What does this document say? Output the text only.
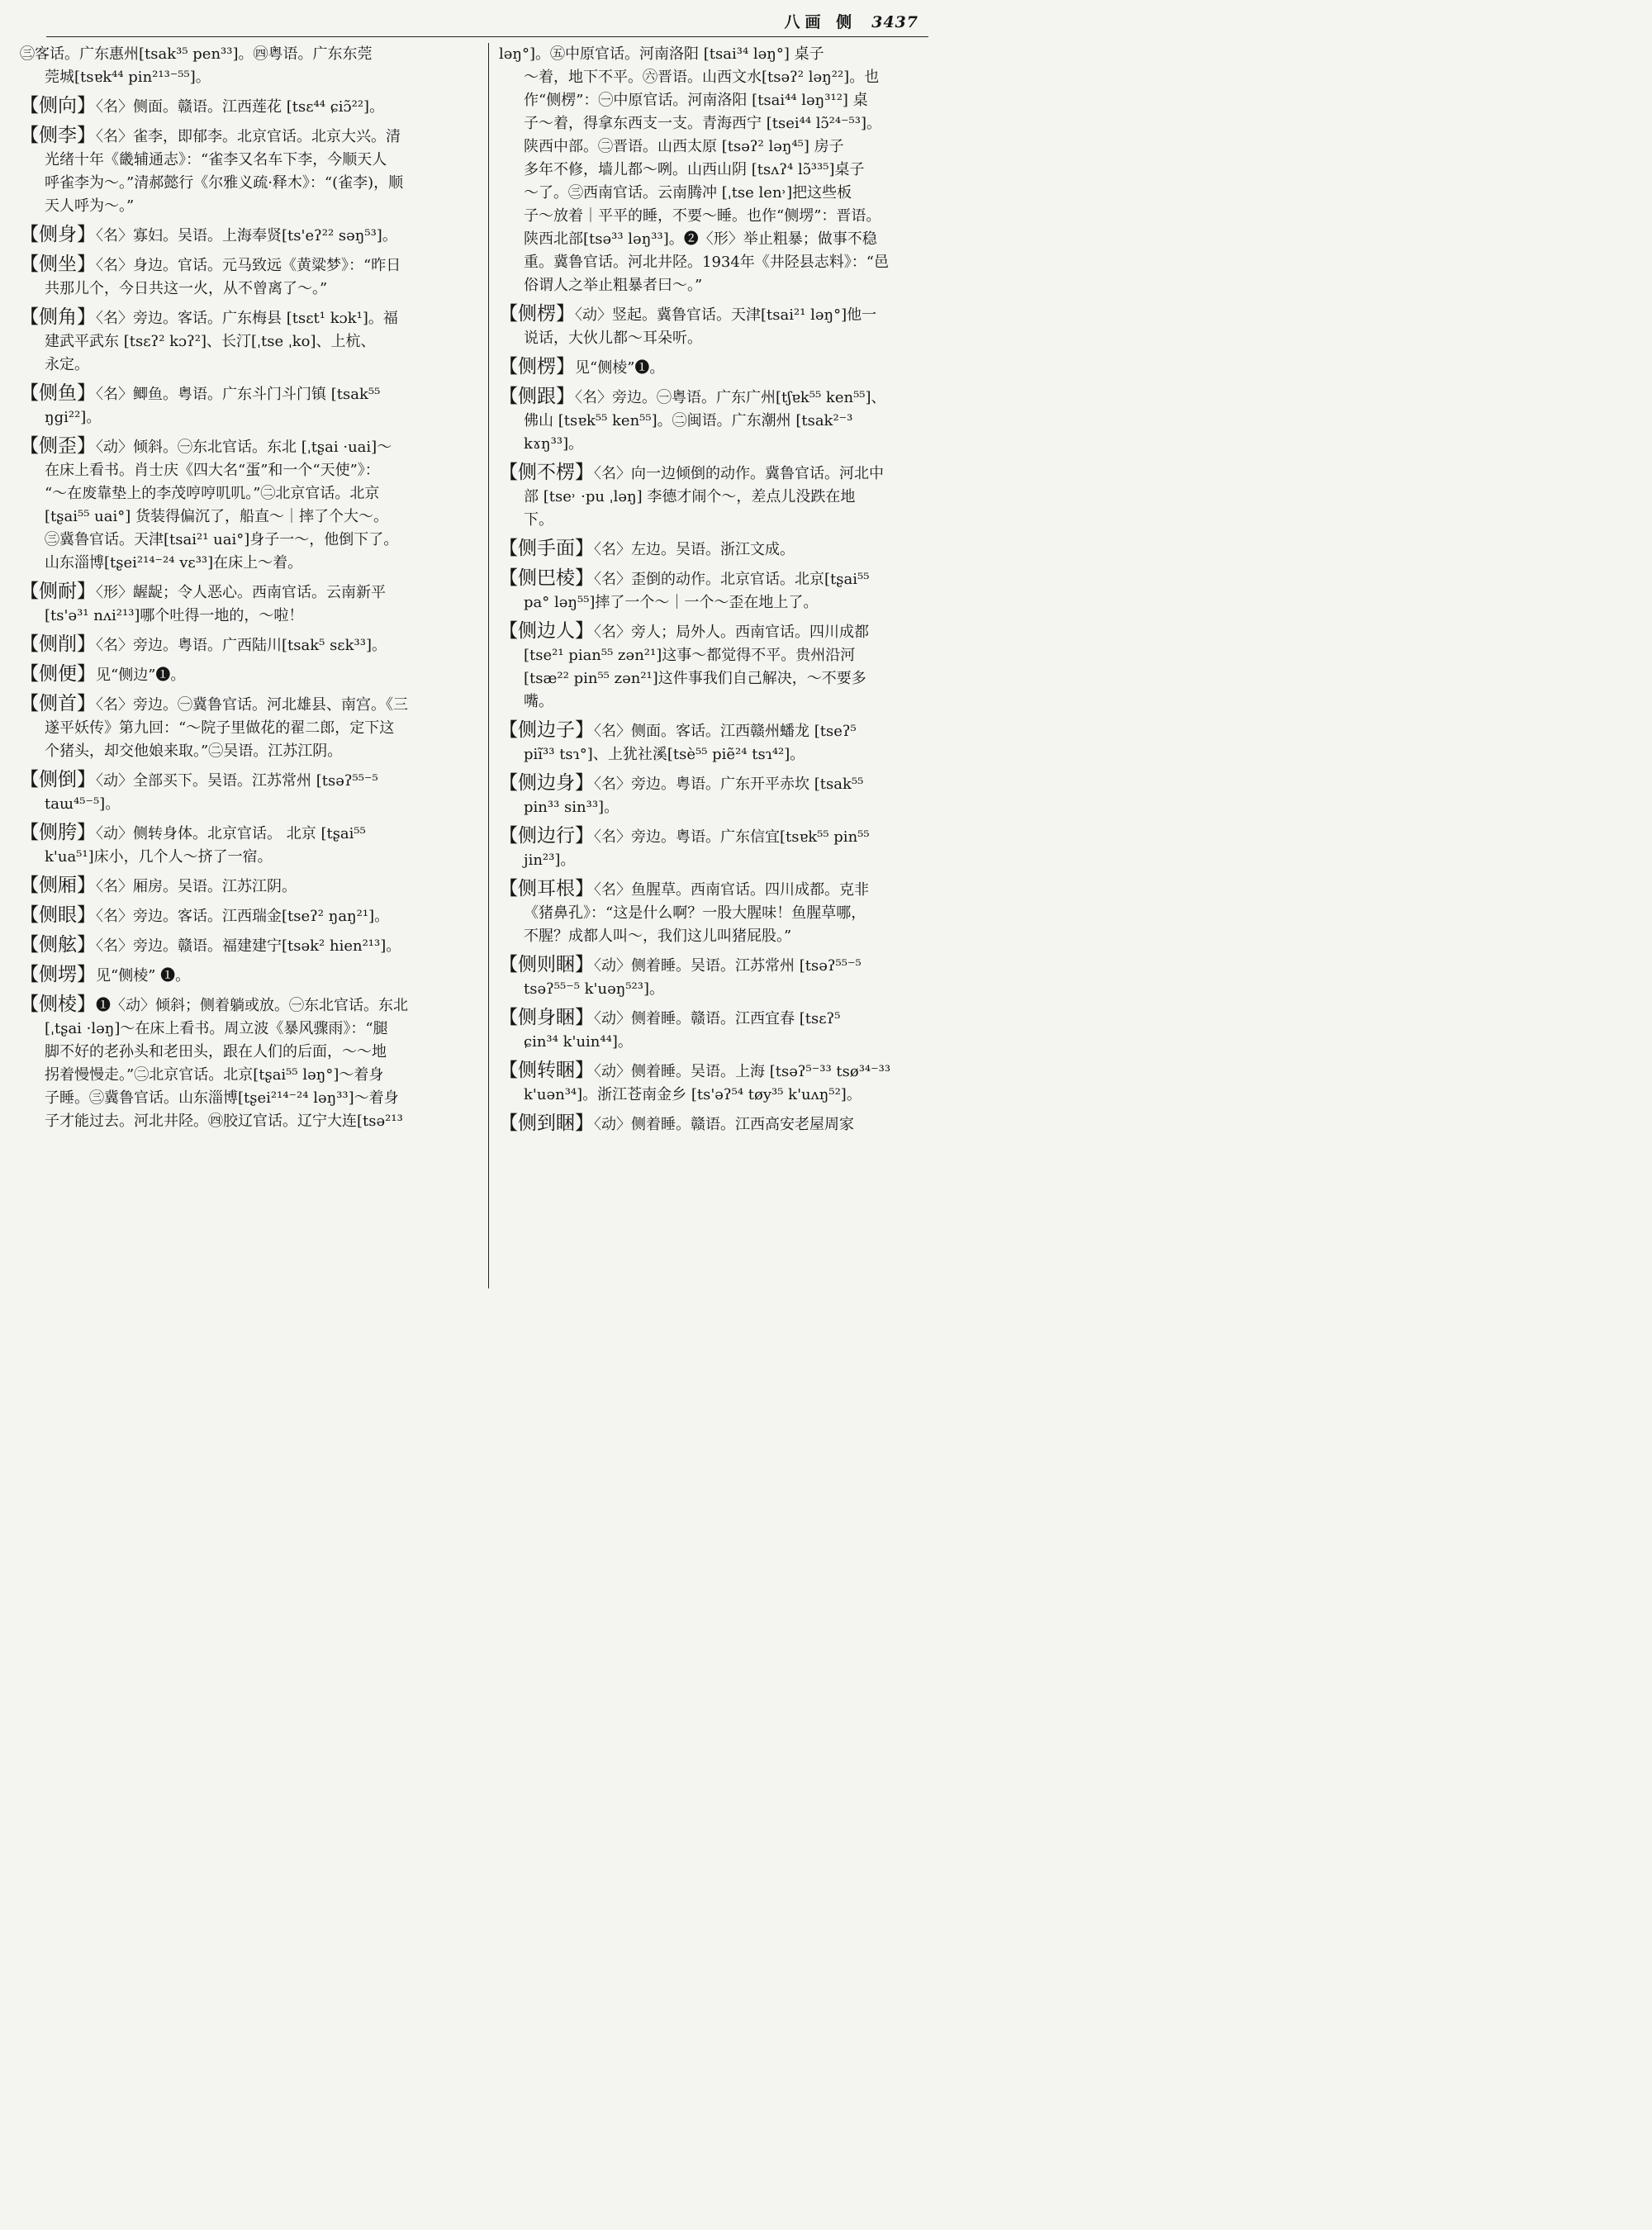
八画 侧 3437
㊂客话。广东惠州[tsak³⁵ pen³³]。㊃粤语。广东东莞
莞城[tsɐk⁴⁴ pin²¹³⁻⁵⁵]。
【侧向】〈名〉侧面。赣语。江西莲花 [tsɛ⁴⁴ ɕiɔ̃²²]。
【侧李】〈名〉雀李，即郁李。北京官话。北京大兴。清
光绪十年《畿辅通志》：“雀李又名车下李，今顺天人
呼雀李为～。”清郝懿行《尔雅义疏·释木》：“(雀李)，顺
天人呼为～。”
【侧身】〈名〉寡妇。吴语。上海奉贤[ts'eʔ²² səŋ⁵³]。
【侧坐】〈名〉身边。官话。元马致远《黄粱梦》：“昨日
共那儿个，今日共这一火，从不曾离了～。”
【侧角】〈名〉旁边。客话。广东梅县 [tsɛt¹ kɔk¹]。福
建武平武东 [tsɛʔ² kɔʔ²]、长汀[ˌtse ˌko]、上杭、
永定。
【侧鱼】〈名〉鲫鱼。粤语。广东斗门斗门镇 [tsak⁵⁵
ŋgi²²]。
【侧歪】〈动〉倾斜。㊀东北官话。东北 [ˌtʂai ·uai]～
在床上看书。肖士庆《四大名“蛋”和一个“天使”》：
“～在废靠垫上的李茂哼哼叽叽。”㊁北京官话。北京
[tʂai⁵⁵ uai°] 货装得偏沉了，船直～｜摔了个大～。
㊂冀鲁官话。天津[tsai²¹ uai°]身子一～，他倒下了。
山东淄博[tʂei²¹⁴⁻²⁴ vɛ³³]在床上～着。
【侧耐】〈形〉龌龊；令人恶心。西南官话。云南新平
[ts'ə³¹ nʌi²¹³]哪个吐得一地的，～啦！
【侧削】〈名〉旁边。粤语。广西陆川[tsak⁵ sɛk³³]。
【侧便】见“侧边”❶。
【侧首】〈名〉旁边。㊀冀鲁官话。河北雄县、南宫。《三
遂平妖传》第九回：“～院子里做花的翟二郎，定下这
个猪头，却交他娘来取。”㊁吴语。江苏江阴。
【侧倒】〈动〉全部买下。吴语。江苏常州 [tsəʔ⁵⁵⁻⁵
taɯ⁴⁵⁻⁵]。
【侧胯】〈动〉侧转身体。北京官话。 北京 [tʂai⁵⁵
k'ua⁵¹]床小，几个人～挤了一宿。
【侧厢】〈名〉厢房。吴语。江苏江阴。
【侧眼】〈名〉旁边。客话。江西瑞金[tseʔ² ŋaŋ²¹]。
【侧舷】〈名〉旁边。赣语。福建建宁[tsək² hien²¹³]。
【侧塄】见“侧棱” ❶。
【侧棱】❶〈动〉倾斜；侧着躺或放。㊀东北官话。东北
[ˌtʂai ·ləŋ]～在床上看书。周立波《暴风骤雨》：“腿
脚不好的老孙头和老田头，跟在人们的后面，～～地
拐着慢慢走。”㊁北京官话。北京[tʂai⁵⁵ ləŋ°]～着身
子睡。㊂冀鲁官话。山东淄博[tʂei²¹⁴⁻²⁴ ləŋ³³]～着身
子才能过去。河北井陉。㊃胶辽官话。辽宁大连[tsə²¹³
ləŋ°]。㊄中原官话。河南洛阳 [tsai³⁴ ləŋ°] 桌子
～着，地下不平。㊅晋语。山西文水[tsəʔ² ləŋ²²]。也
作“侧楞”：㊀中原官话。河南洛阳 [tsai⁴⁴ ləŋ³¹²] 桌
子～着，得拿东西支一支。青海西宁 [tsei⁴⁴ lɔ̃²⁴⁻⁵³]。
陕西中部。㊁晋语。山西太原 [tsəʔ² ləŋ⁴⁵] 房子
多年不修，墙儿都～咧。山西山阴 [tsʌʔ⁴ lɔ̃³³⁵]桌子
～了。㊂西南官话。云南腾冲 [ˌtse len˒]把这些板
子～放着｜平平的睡，不要～睡。也作“侧塄”：晋语。
陕西北部[tsə³³ ləŋ³³]。❷〈形〉举止粗暴；做事不稳
重。冀鲁官话。河北井陉。1934年《井陉县志料》：“邑
俗谓人之举止粗暴者曰～。”
【侧楞】〈动〉竖起。冀鲁官话。天津[tsai²¹ ləŋ°]他一
说话，大伙儿都～耳朵听。
【侧楞】见“侧棱”❶。
【侧跟】〈名〉旁边。㊀粤语。广东广州[tʃɐk⁵⁵ ken⁵⁵]、
佛山 [tsɐk⁵⁵ ken⁵⁵]。㊁闽语。广东潮州 [tsak²⁻³
kɤŋ³³]。
【侧不楞】〈名〉向一边倾倒的动作。冀鲁官话。河北中
部 [tse˒ ·pu ˌləŋ] 李德才闹个～，差点儿没跌在地
下。
【侧手面】〈名〉左边。吴语。浙江文成。
【侧巴棱】〈名〉歪倒的动作。北京官话。北京[tʂai⁵⁵
pa° ləŋ⁵⁵]摔了一个～｜一个～歪在地上了。
【侧边人】〈名〉旁人；局外人。西南官话。四川成都
[tse²¹ pian⁵⁵ zən²¹]这事～都觉得不平。贵州沿河
[tsæ²² pin⁵⁵ zən²¹]这件事我们自己解决，～不要多
嘴。
【侧边子】〈名〉侧面。客话。江西赣州蟠龙 [tseʔ⁵
piĩ³³ tsɿ°]、上犹社溪[tsè⁵⁵ piẽ²⁴ tsɿ⁴²]。
【侧边身】〈名〉旁边。粤语。广东开平赤坎 [tsak⁵⁵
pin³³ sin³³]。
【侧边行】〈名〉旁边。粤语。广东信宜[tsɐk⁵⁵ pin⁵⁵
jin²³]。
【侧耳根】〈名〉鱼腥草。西南官话。四川成都。克非
《猪鼻孔》：“这是什么啊？一股大腥味！鱼腥草哪，
不腥？成都人叫～，我们这儿叫猪屁股。”
【侧则睏】〈动〉侧着睡。吴语。江苏常州 [tsəʔ⁵⁵⁻⁵
tsəʔ⁵⁵⁻⁵ k'uəŋ⁵²³]。
【侧身睏】〈动〉侧着睡。赣语。江西宜春 [tsɛʔ⁵
ɕin³⁴ k'uin⁴⁴]。
【侧转睏】〈动〉侧着睡。吴语。上海 [tsəʔ⁵⁻³³ tsø³⁴⁻³³
k'uən³⁴]。浙江苍南金乡 [ts'əʔ⁵⁴ tøy³⁵ k'uʌŋ⁵²]。
【侧到睏】〈动〉侧着睡。赣语。江西高安老屋周家
